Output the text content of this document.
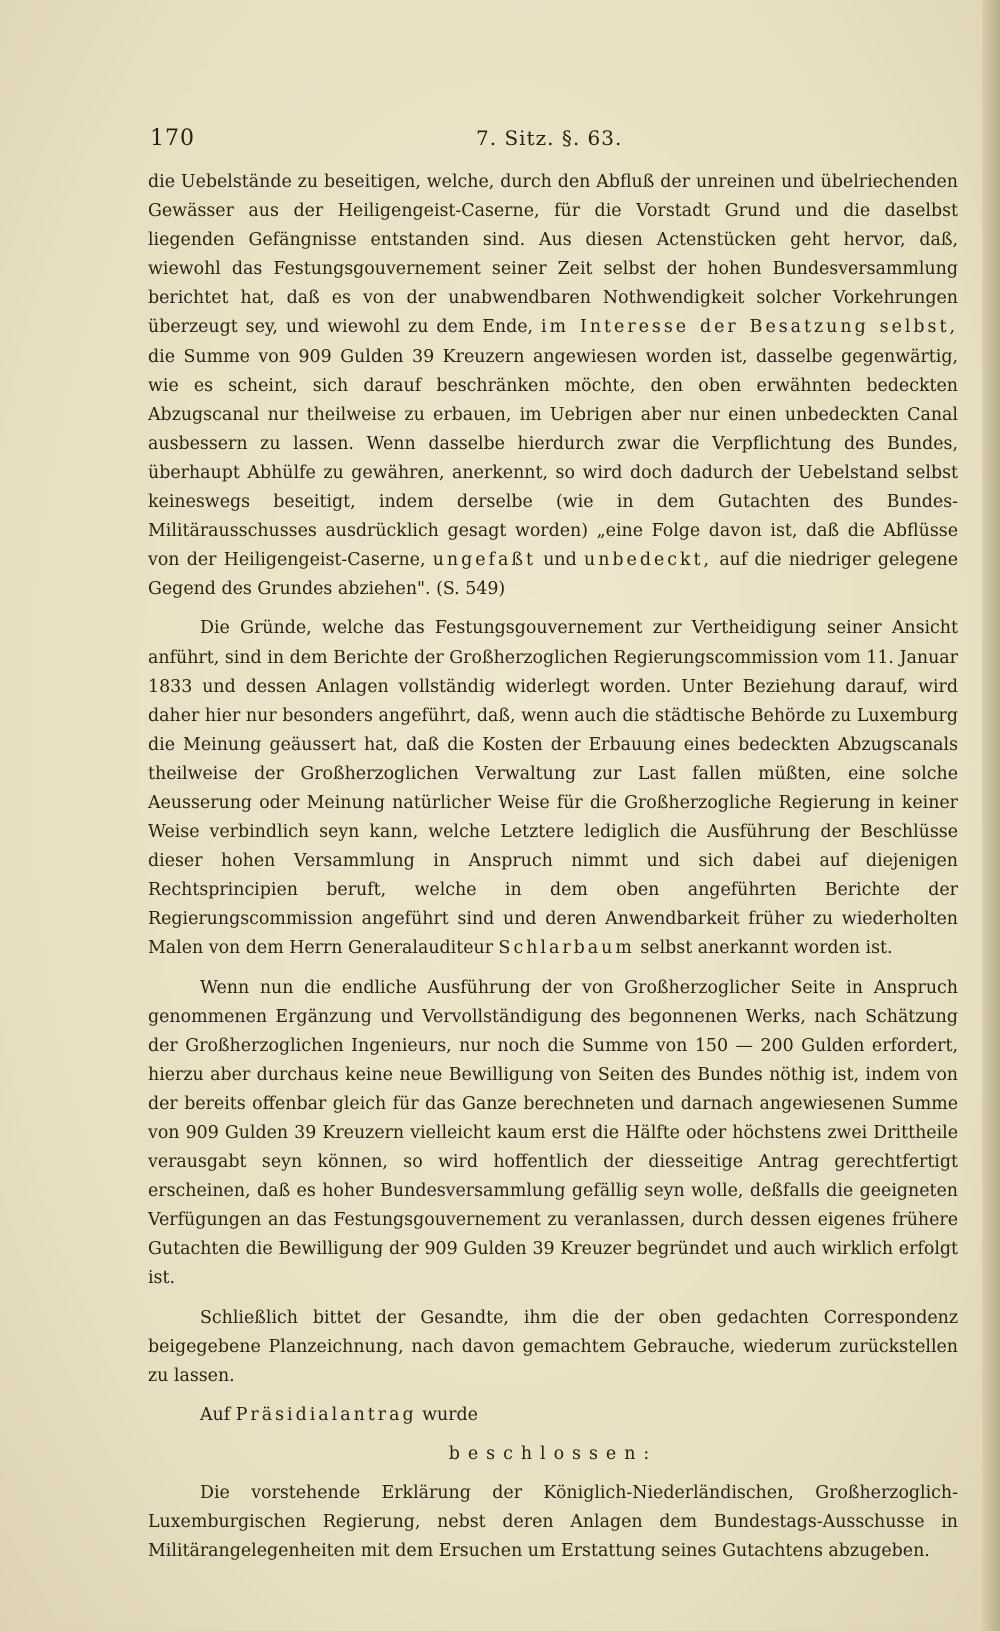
170	7. Sitz. §. 63.

die Uebelstände zu beseitigen, welche, durch den Abfluß der unreinen und übelriechenden Gewässer aus der Heiligengeist-Caserne, für die Vorstadt Grund und die daselbst liegenden Gefängnisse entstanden sind. Aus diesen Actenstücken geht hervor, daß, wiewohl das Festungsgouvernement seiner Zeit selbst der hohen Bundesversammlung berichtet hat, daß es von der unabwendbaren Nothwendigkeit solcher Vorkehrungen überzeugt sey, und wiewohl zu dem Ende, im Interesse der Besatzung selbst, die Summe von 909 Gulden 39 Kreuzern angewiesen worden ist, dasselbe gegenwärtig, wie es scheint, sich darauf beschränken möchte, den oben erwähnten bedeckten Abzugscanal nur theilweise zu erbauen, im Uebrigen aber nur einen unbedeckten Canal ausbessern zu lassen. Wenn dasselbe hierdurch zwar die Verpflichtung des Bundes, überhaupt Abhülfe zu gewähren, anerkennt, so wird doch dadurch der Uebelstand selbst keineswegs beseitigt, indem derselbe (wie in dem Gutachten des Bundes-Militärausschusses ausdrücklich gesagt worden) „eine Folge davon ist, daß die Abflüsse von der Heiligengeist-Caserne, ungefaßt und unbedeckt, auf die niedriger gelegene Gegend des Grundes abziehen". (S. 549)

Die Gründe, welche das Festungsgouvernement zur Vertheidigung seiner Ansicht anführt, sind in dem Berichte der Großherzoglichen Regierungscommission vom 11. Januar 1833 und dessen Anlagen vollständig widerlegt worden. Unter Beziehung darauf, wird daher hier nur besonders angeführt, daß, wenn auch die städtische Behörde zu Luxemburg die Meinung geäussert hat, daß die Kosten der Erbauung eines bedeckten Abzugscanals theilweise der Großherzoglichen Verwaltung zur Last fallen müßten, eine solche Aeusserung oder Meinung natürlicher Weise für die Großherzogliche Regierung in keiner Weise verbindlich seyn kann, welche Letztere lediglich die Ausführung der Beschlüsse dieser hohen Versammlung in Anspruch nimmt und sich dabei auf diejenigen Rechtsprincipien beruft, welche in dem oben angeführten Berichte der Regierungscommission angeführt sind und deren Anwendbarkeit früher zu wiederholten Malen von dem Herrn Generalauditeur Schlarbaum selbst anerkannt worden ist.

Wenn nun die endliche Ausführung der von Großherzoglicher Seite in Anspruch genommenen Ergänzung und Vervollständigung des begonnenen Werks, nach Schätzung der Großherzoglichen Ingenieurs, nur noch die Summe von 150 — 200 Gulden erfordert, hierzu aber durchaus keine neue Bewilligung von Seiten des Bundes nöthig ist, indem von der bereits offenbar gleich für das Ganze berechneten und darnach angewiesenen Summe von 909 Gulden 39 Kreuzern vielleicht kaum erst die Hälfte oder höchstens zwei Drittheile verausgabt seyn können, so wird hoffentlich der diesseitige Antrag gerechtfertigt erscheinen, daß es hoher Bundesversammlung gefällig seyn wolle, deßfalls die geeigneten Verfügungen an das Festungsgouvernement zu veranlassen, durch dessen eigenes frühere Gutachten die Bewilligung der 909 Gulden 39 Kreuzer begründet und auch wirklich erfolgt ist.

Schließlich bittet der Gesandte, ihm die der oben gedachten Correspondenz beigegebene Planzeichnung, nach davon gemachtem Gebrauche, wiederum zurückstellen zu lassen.

Auf Präsidialantrag wurde

beschlossen:

Die vorstehende Erklärung der Königlich-Niederländischen, Großherzoglich-Luxemburgischen Regierung, nebst deren Anlagen dem Bundestags-Ausschusse in Militärangelegenheiten mit dem Ersuchen um Erstattung seines Gutachtens abzugeben.
